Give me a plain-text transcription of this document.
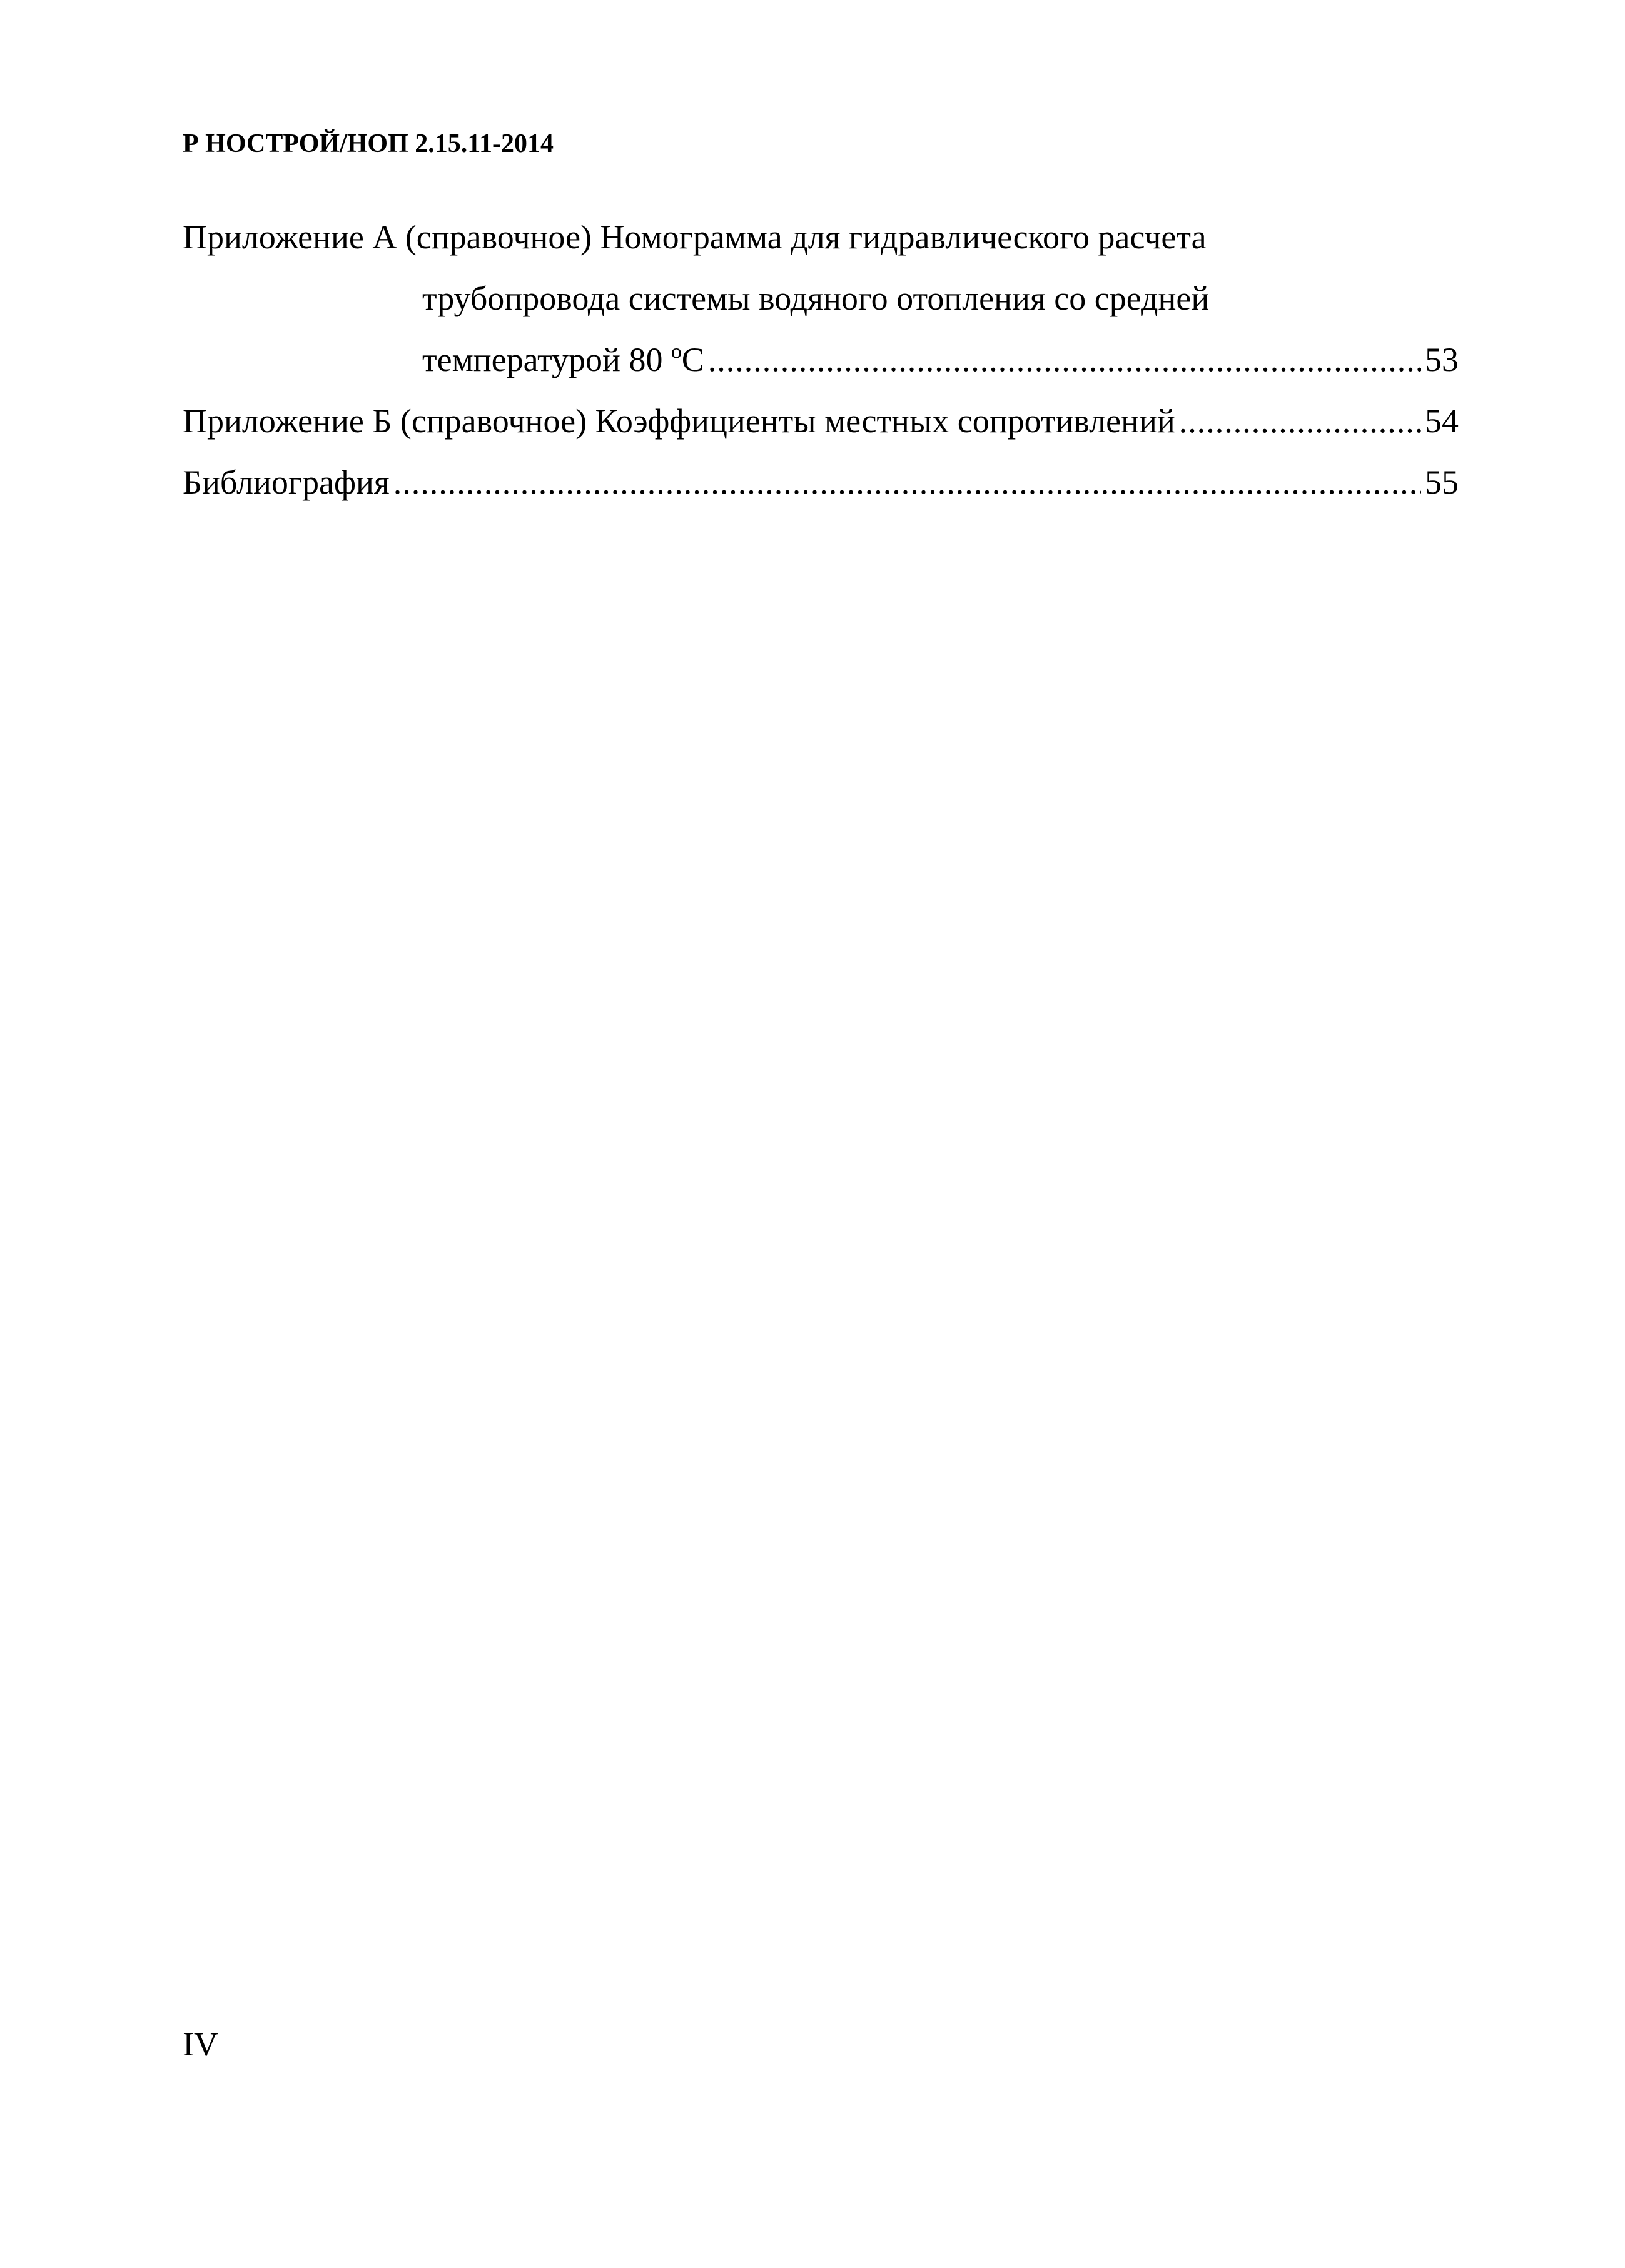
Р НОСТРОЙ/НОП 2.15.11-2014
Приложение А (справочное) Номограмма для гидравлического расчета
трубопровода системы водяного отопления со средней
температурой 80 ºС .....	53
Приложение Б (справочное) Коэффициенты местных сопротивлений .....	54
Библиография .....	55
IV
